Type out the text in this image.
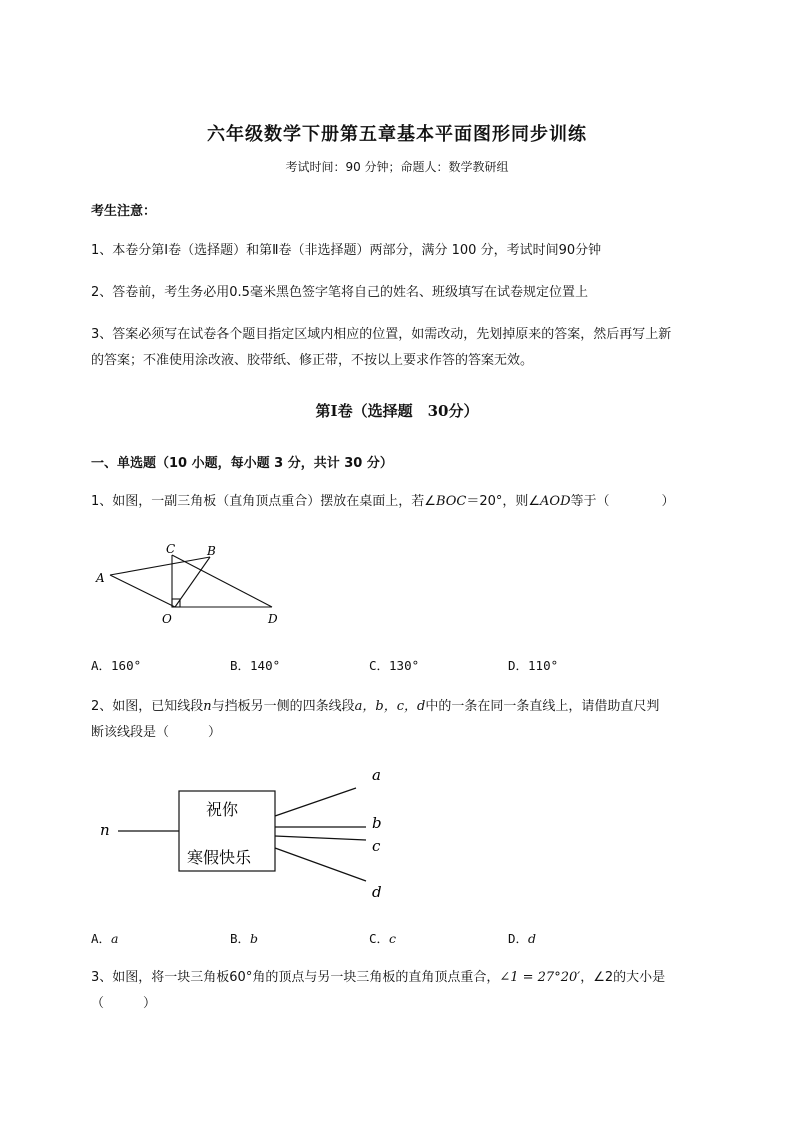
六年级数学下册第五章基本平面图形同步训练
考试时间：90 分钟；命题人：数学教研组
考生注意：
1、本卷分第Ⅰ卷（选择题）和第Ⅱ卷（非选择题）两部分，满分 100 分，考试时间90分钟
2、答卷前，考生务必用0.5毫米黑色签字笔将自己的姓名、班级填写在试卷规定位置上
3、答案必须写在试卷各个题目指定区域内相应的位置，如需改动，先划掉原来的答案，然后再写上新
的答案；不准使用涂改液、胶带纸、修正带，不按以上要求作答的答案无效。
第Ⅰ卷（选择题　30分）
一、单选题（10 小题，每小题 3 分，共计 30 分）
1、如图，一副三角板（直角顶点重合）摆放在桌面上，若∠BOC＝20°，则∠AOD等于（　　　　）
A
C	B
O	D
A．160°	B．140°	C．130°	D．110°
2、如图，已知线段n与挡板另一侧的四条线段a，b，c，d中的一条在同一条直线上，请借助直尺判
断该线段是（　　　）
n
a
b
c
d
祝你
寒假快乐
A．a	B．b	C．c	D．d
3、如图，将一块三角板60°角的顶点与另一块三角板的直角顶点重合，∠1 = 27°20′，∠2的大小是
（　　　）
